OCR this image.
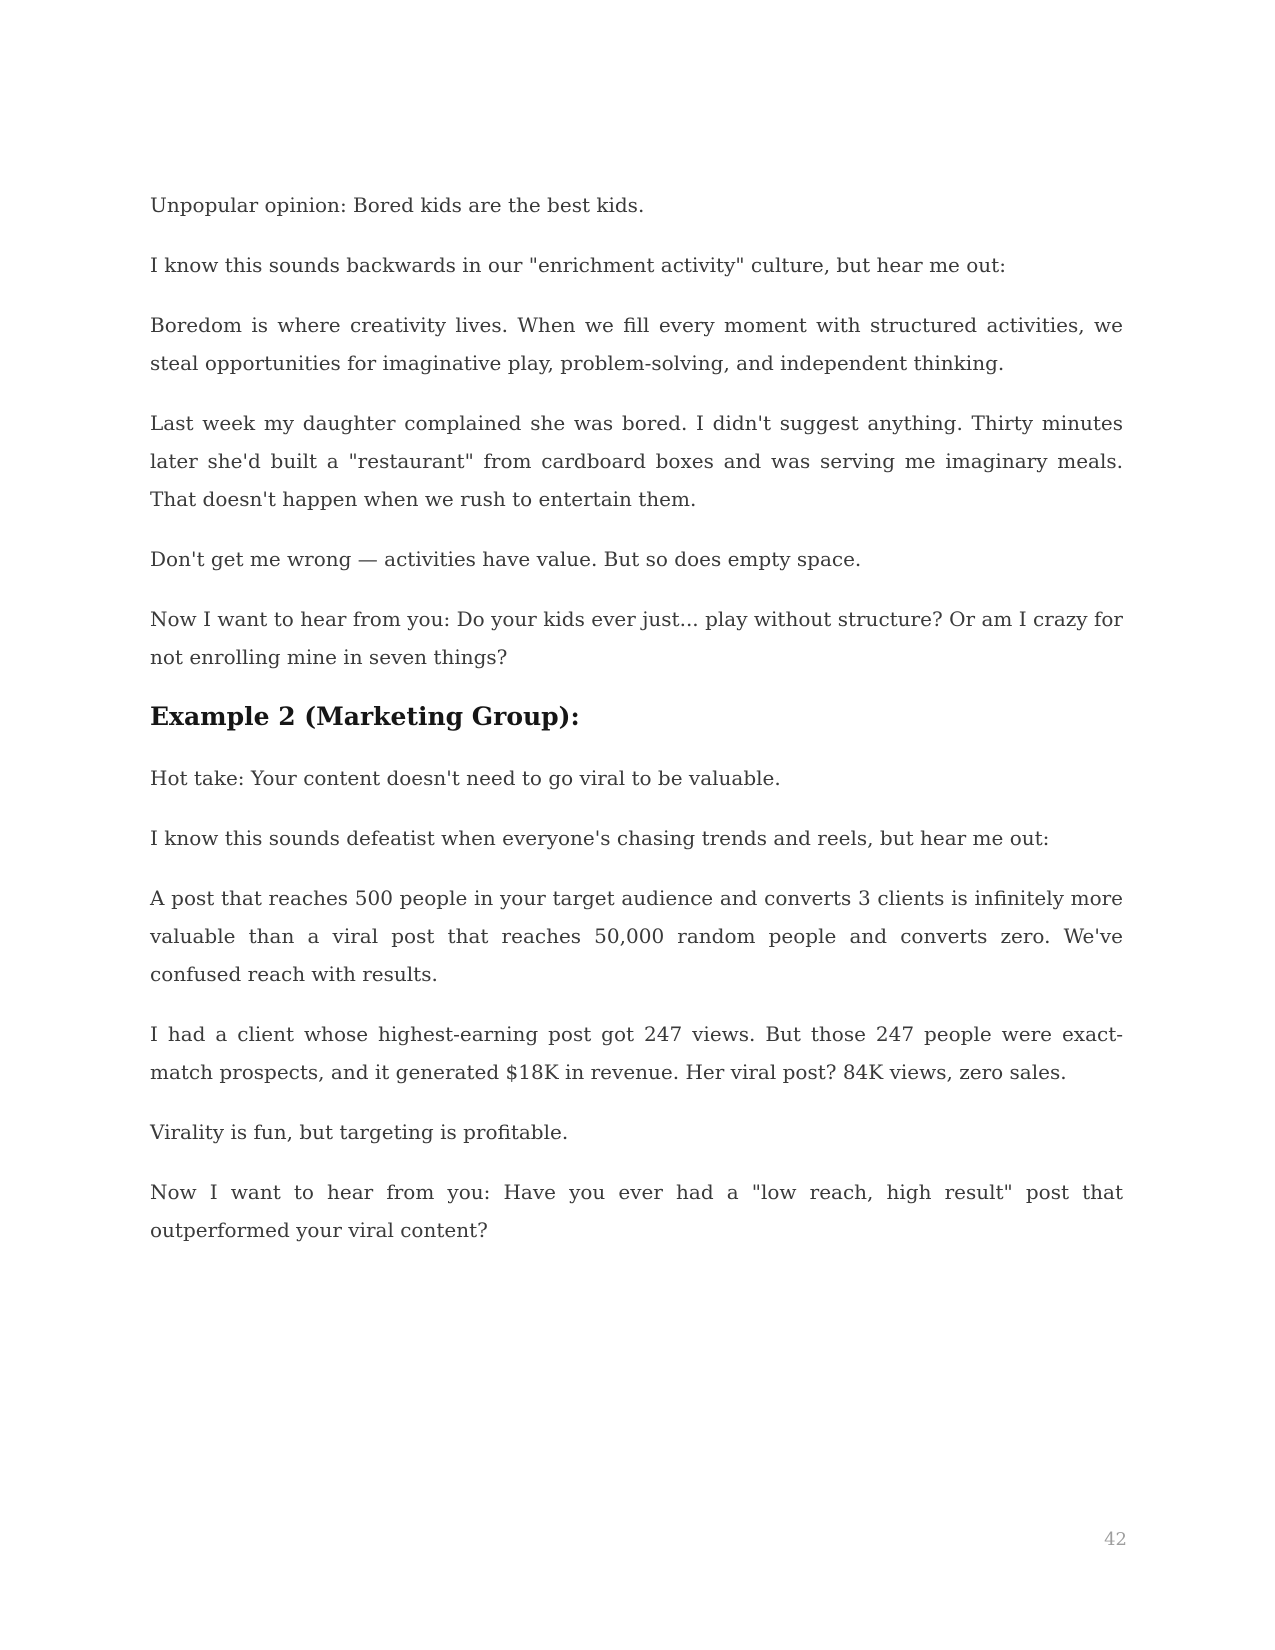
Unpopular opinion: Bored kids are the best kids.

I know this sounds backwards in our "enrichment activity" culture, but hear me out:

Boredom is where creativity lives. When we fill every moment with structured activities, we steal opportunities for imaginative play, problem-solving, and independent thinking.

Last week my daughter complained she was bored. I didn't suggest anything. Thirty minutes later she'd built a "restaurant" from cardboard boxes and was serving me imaginary meals. That doesn't happen when we rush to entertain them.

Don't get me wrong — activities have value. But so does empty space.

Now I want to hear from you: Do your kids ever just... play without structure? Or am I crazy for not enrolling mine in seven things?

Example 2 (Marketing Group):

Hot take: Your content doesn't need to go viral to be valuable.

I know this sounds defeatist when everyone's chasing trends and reels, but hear me out:

A post that reaches 500 people in your target audience and converts 3 clients is infinitely more valuable than a viral post that reaches 50,000 random people and converts zero. We've confused reach with results.

I had a client whose highest-earning post got 247 views. But those 247 people were exact-match prospects, and it generated $18K in revenue. Her viral post? 84K views, zero sales.

Virality is fun, but targeting is profitable.

Now I want to hear from you: Have you ever had a "low reach, high result" post that outperformed your viral content?

42
